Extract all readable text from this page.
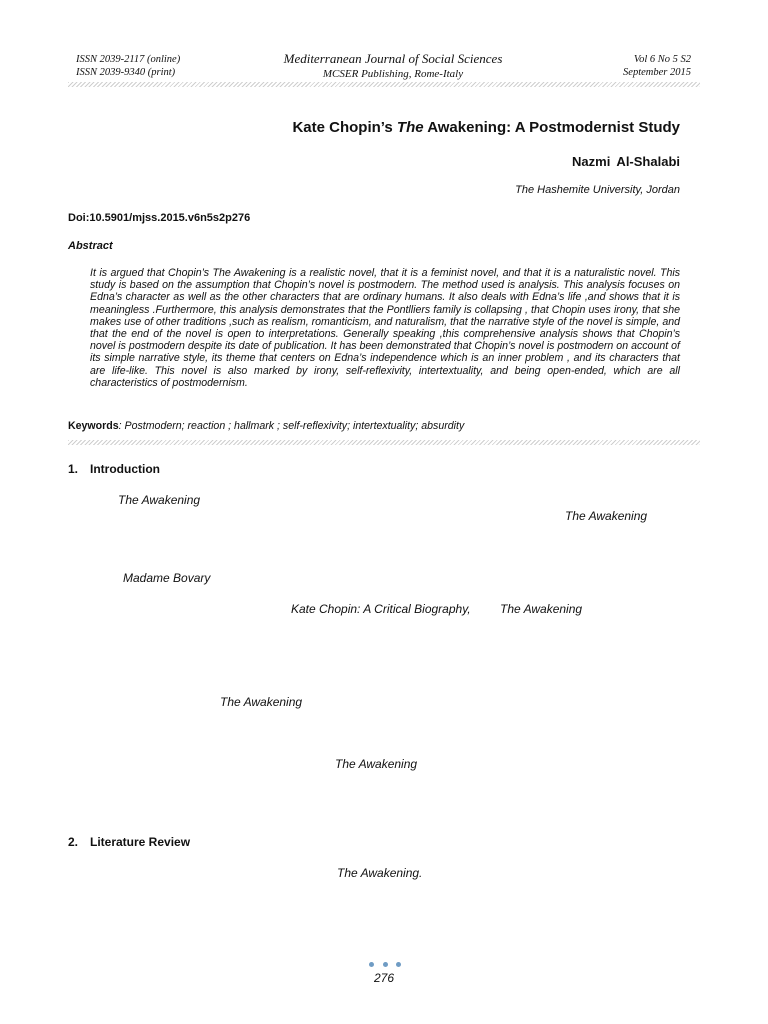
ISSN 2039-2117 (online)
ISSN 2039-9340 (print)
Mediterranean Journal of Social Sciences
MCSER Publishing, Rome-Italy
Vol 6 No 5 S2
September 2015
Kate Chopin’s The Awakening: A Postmodernist Study
Nazmi Al-Shalabi
The Hashemite University, Jordan
Doi:10.5901/mjss.2015.v6n5s2p276
Abstract

It is argued that Chopin’s The Awakening is a realistic novel, that it is a feminist novel, and that it is a naturalistic novel. This study is based on the assumption that Chopin’s novel is postmodern. The method used is analysis. This analysis focuses on Edna’s character as well as the other characters that are ordinary humans. It also deals with Edna’s life ,and shows that it is meaningless .Furthermore, this analysis demonstrates that the Pontlliers family is collapsing , that Chopin uses irony, that she makes use of other traditions ,such as realism, romanticism, and naturalism, that the narrative style of the novel is simple, and that the end of the novel is open to interpretations. Generally speaking ,this comprehensive analysis shows that Chopin’s novel is postmodern despite its date of publication. It has been demonstrated that Chopin’s novel is postmodern on account of its simple narrative style, its theme that centers on Edna’s independence which is an inner problem , and its characters that are life-like. This novel is also marked by irony, self-reflexivity, intertextuality, and being open-ended, which are all characteristics of postmodernism.

Keywords: Postmodern; reaction ; hallmark ; self-reflexivity; intertextuality; absurdity
1. Introduction
The Awakening
The Awakening
Madame Bovary
Kate Chopin: A Critical Biography, The Awakening
The Awakening
The Awakening
2. Literature Review
The Awakening.
276
